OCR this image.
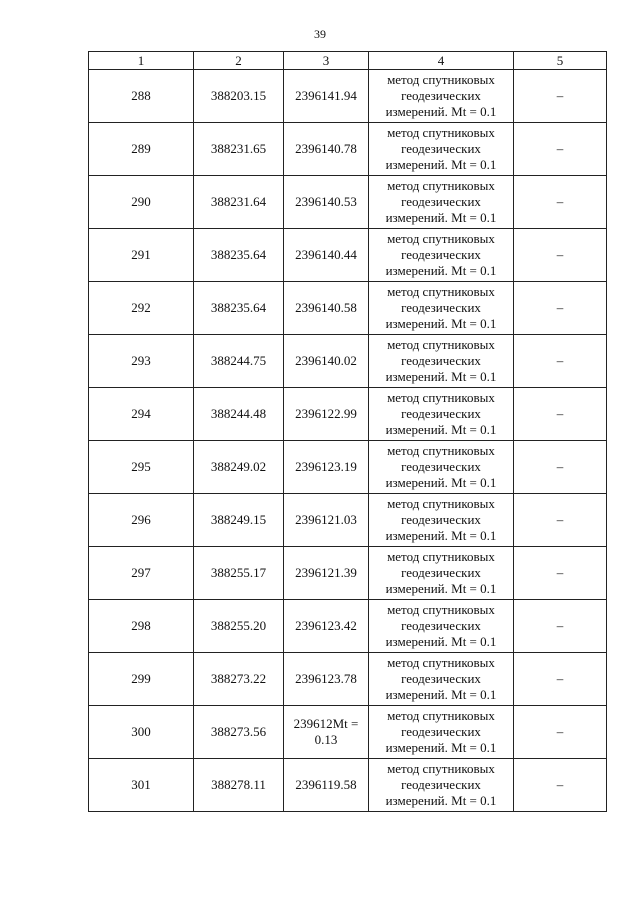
39
1	2	3	4	5
288	388203.15	2396141.94	метод спутниковых
геодезических
измерений. Mt = 0.1	–
289	388231.65	2396140.78	метод спутниковых
геодезических
измерений. Mt = 0.1	–
290	388231.64	2396140.53	метод спутниковых
геодезических
измерений. Mt = 0.1	–
291	388235.64	2396140.44	метод спутниковых
геодезических
измерений. Mt = 0.1	–
292	388235.64	2396140.58	метод спутниковых
геодезических
измерений. Mt = 0.1	–
293	388244.75	2396140.02	метод спутниковых
геодезических
измерений. Mt = 0.1	–
294	388244.48	2396122.99	метод спутниковых
геодезических
измерений. Mt = 0.1	–
295	388249.02	2396123.19	метод спутниковых
геодезических
измерений. Mt = 0.1	–
296	388249.15	2396121.03	метод спутниковых
геодезических
измерений. Mt = 0.1	–
297	388255.17	2396121.39	метод спутниковых
геодезических
измерений. Mt = 0.1	–
298	388255.20	2396123.42	метод спутниковых
геодезических
измерений. Mt = 0.1	–
299	388273.22	2396123.78	метод спутниковых
геодезических
измерений. Mt = 0.1	–
300	388273.56	239612Mt = 0.13	метод спутниковых
геодезических
измерений. Mt = 0.1	–
301	388278.11	2396119.58	метод спутниковых
геодезических
измерений. Mt = 0.1	–
